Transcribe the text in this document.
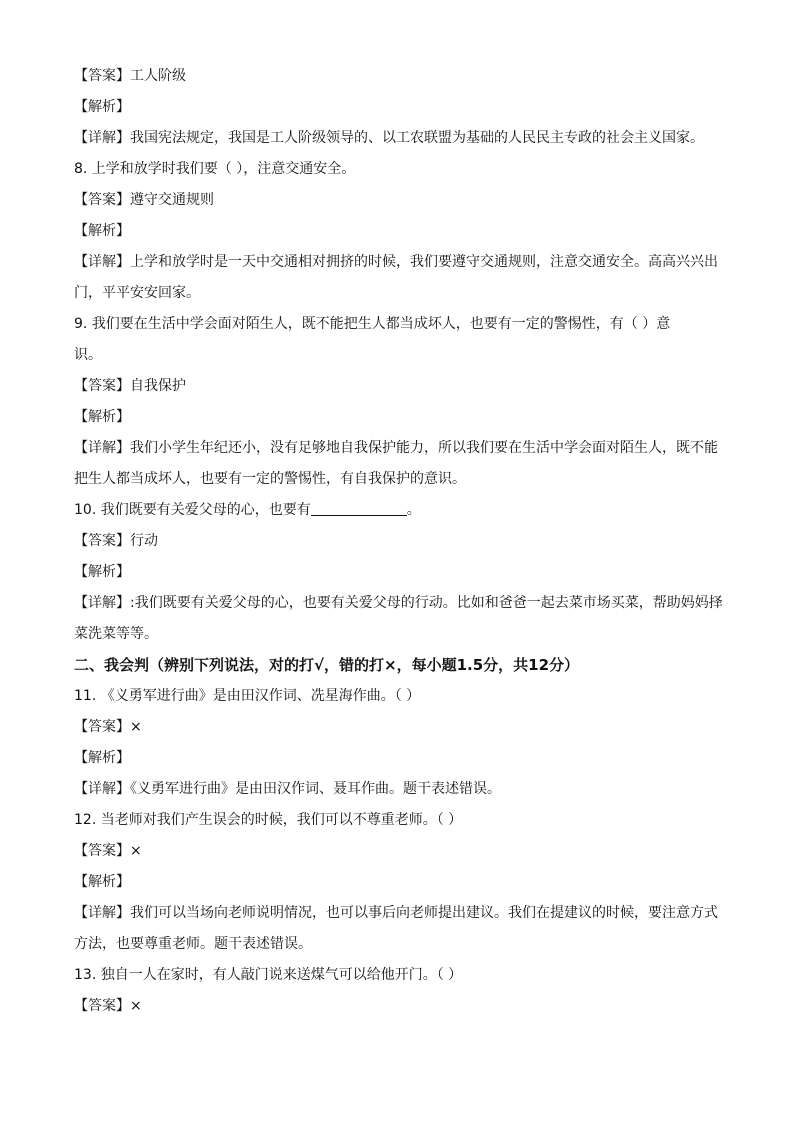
【答案】工人阶级
【解析】
【详解】我国宪法规定，我国是工人阶级领导的、以工农联盟为基础的人民民主专政的社会主义国家。
8. 上学和放学时我们要（ ），注意交通安全。
【答案】遵守交通规则
【解析】
【详解】上学和放学时是一天中交通相对拥挤的时候，我们要遵守交通规则，注意交通安全。高高兴兴出
门，平平安安回家。
9. 我们要在生活中学会面对陌生人，既不能把生人都当成坏人，也要有一定的警惕性，有（ ）意
识。
【答案】自我保护
【解析】
【详解】我们小学生年纪还小，没有足够地自我保护能力，所以我们要在生活中学会面对陌生人，既不能
把生人都当成坏人，也要有一定的警惕性，有自我保护的意识。
10. 我们既要有关爱父母的心，也要有	。
【答案】行动
【解析】
【详解】:我们既要有关爱父母的心，也要有关爱父母的行动。比如和爸爸一起去菜市场买菜，帮助妈妈择
菜洗菜等等。
二、我会判（辨别下列说法，对的打√，错的打×，每小题1.5分，共12分）
11. 《义勇军进行曲》是由田汉作词、冼星海作曲。（ ）
【答案】×
【解析】
【详解】《义勇军进行曲》是由田汉作词、聂耳作曲。题干表述错误。
12. 当老师对我们产生误会的时候，我们可以不尊重老师。（ ）
【答案】×
【解析】
【详解】我们可以当场向老师说明情况，也可以事后向老师提出建议。我们在提建议的时候，要注意方式
方法，也要尊重老师。题干表述错误。
13. 独自一人在家时，有人敲门说来送煤气可以给他开门。（ ）
【答案】×
